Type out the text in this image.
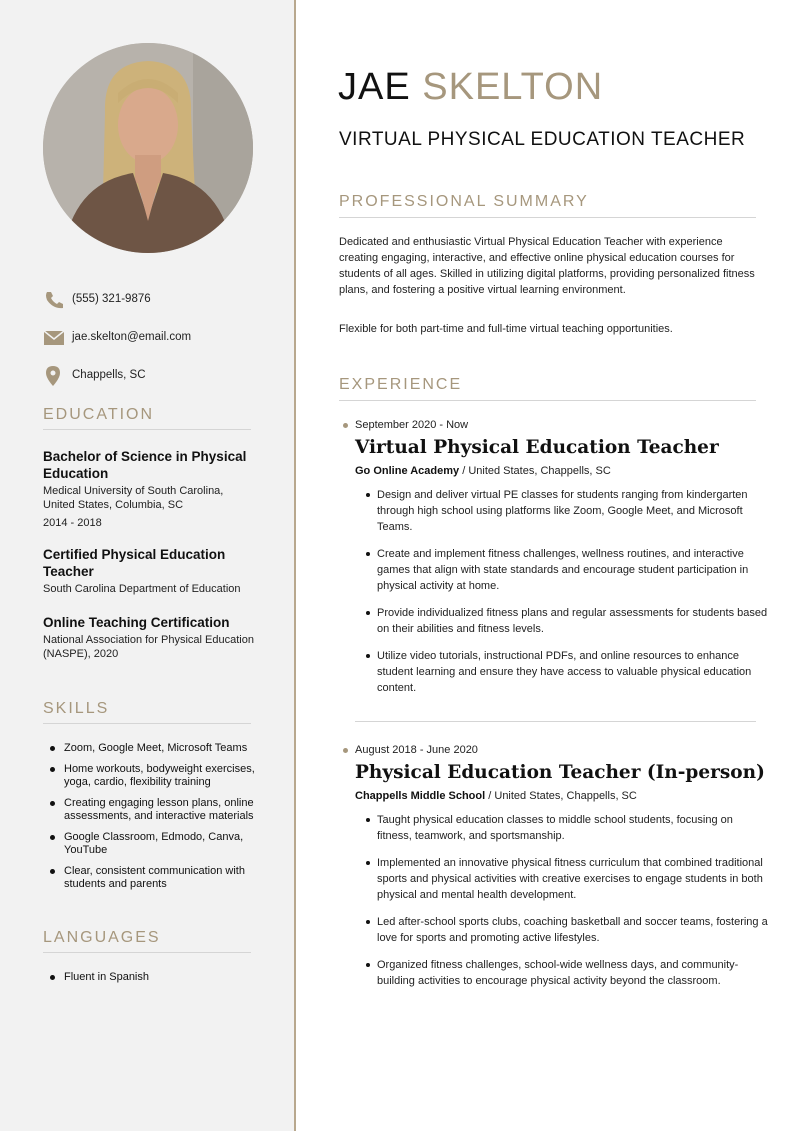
(555) 321-9876
jae.skelton@email.com
Chappells, SC
EDUCATION
Bachelor of Science in Physical Education
Medical University of South Carolina, United States, Columbia, SC
2014 - 2018
Certified Physical Education Teacher
South Carolina Department of Education
Online Teaching Certification
National Association for Physical Education (NASPE), 2020
SKILLS
Zoom, Google Meet, Microsoft Teams
Home workouts, bodyweight exercises, yoga, cardio, flexibility training
Creating engaging lesson plans, online assessments, and interactive materials
Google Classroom, Edmodo, Canva, YouTube
Clear, consistent communication with students and parents
LANGUAGES
Fluent in Spanish
JAE SKELTON
VIRTUAL PHYSICAL EDUCATION TEACHER
PROFESSIONAL SUMMARY
Dedicated and enthusiastic Virtual Physical Education Teacher with experience creating engaging, interactive, and effective online physical education courses for students of all ages. Skilled in utilizing digital platforms, providing personalized fitness plans, and fostering a positive virtual learning environment.
Flexible for both part-time and full-time virtual teaching opportunities.
EXPERIENCE
September 2020 - Now
Virtual Physical Education Teacher
Go Online Academy / United States, Chappells, SC
Design and deliver virtual PE classes for students ranging from kindergarten through high school using platforms like Zoom, Google Meet, and Microsoft Teams.
Create and implement fitness challenges, wellness routines, and interactive games that align with state standards and encourage student participation in physical activity at home.
Provide individualized fitness plans and regular assessments for students based on their abilities and fitness levels.
Utilize video tutorials, instructional PDFs, and online resources to enhance student learning and ensure they have access to valuable physical education content.
August 2018 - June 2020
Physical Education Teacher (In-person)
Chappells Middle School / United States, Chappells, SC
Taught physical education classes to middle school students, focusing on fitness, teamwork, and sportsmanship.
Implemented an innovative physical fitness curriculum that combined traditional sports and physical activities with creative exercises to engage students in both physical and mental health development.
Led after-school sports clubs, coaching basketball and soccer teams, fostering a love for sports and promoting active lifestyles.
Organized fitness challenges, school-wide wellness days, and community-building activities to encourage physical activity beyond the classroom.
